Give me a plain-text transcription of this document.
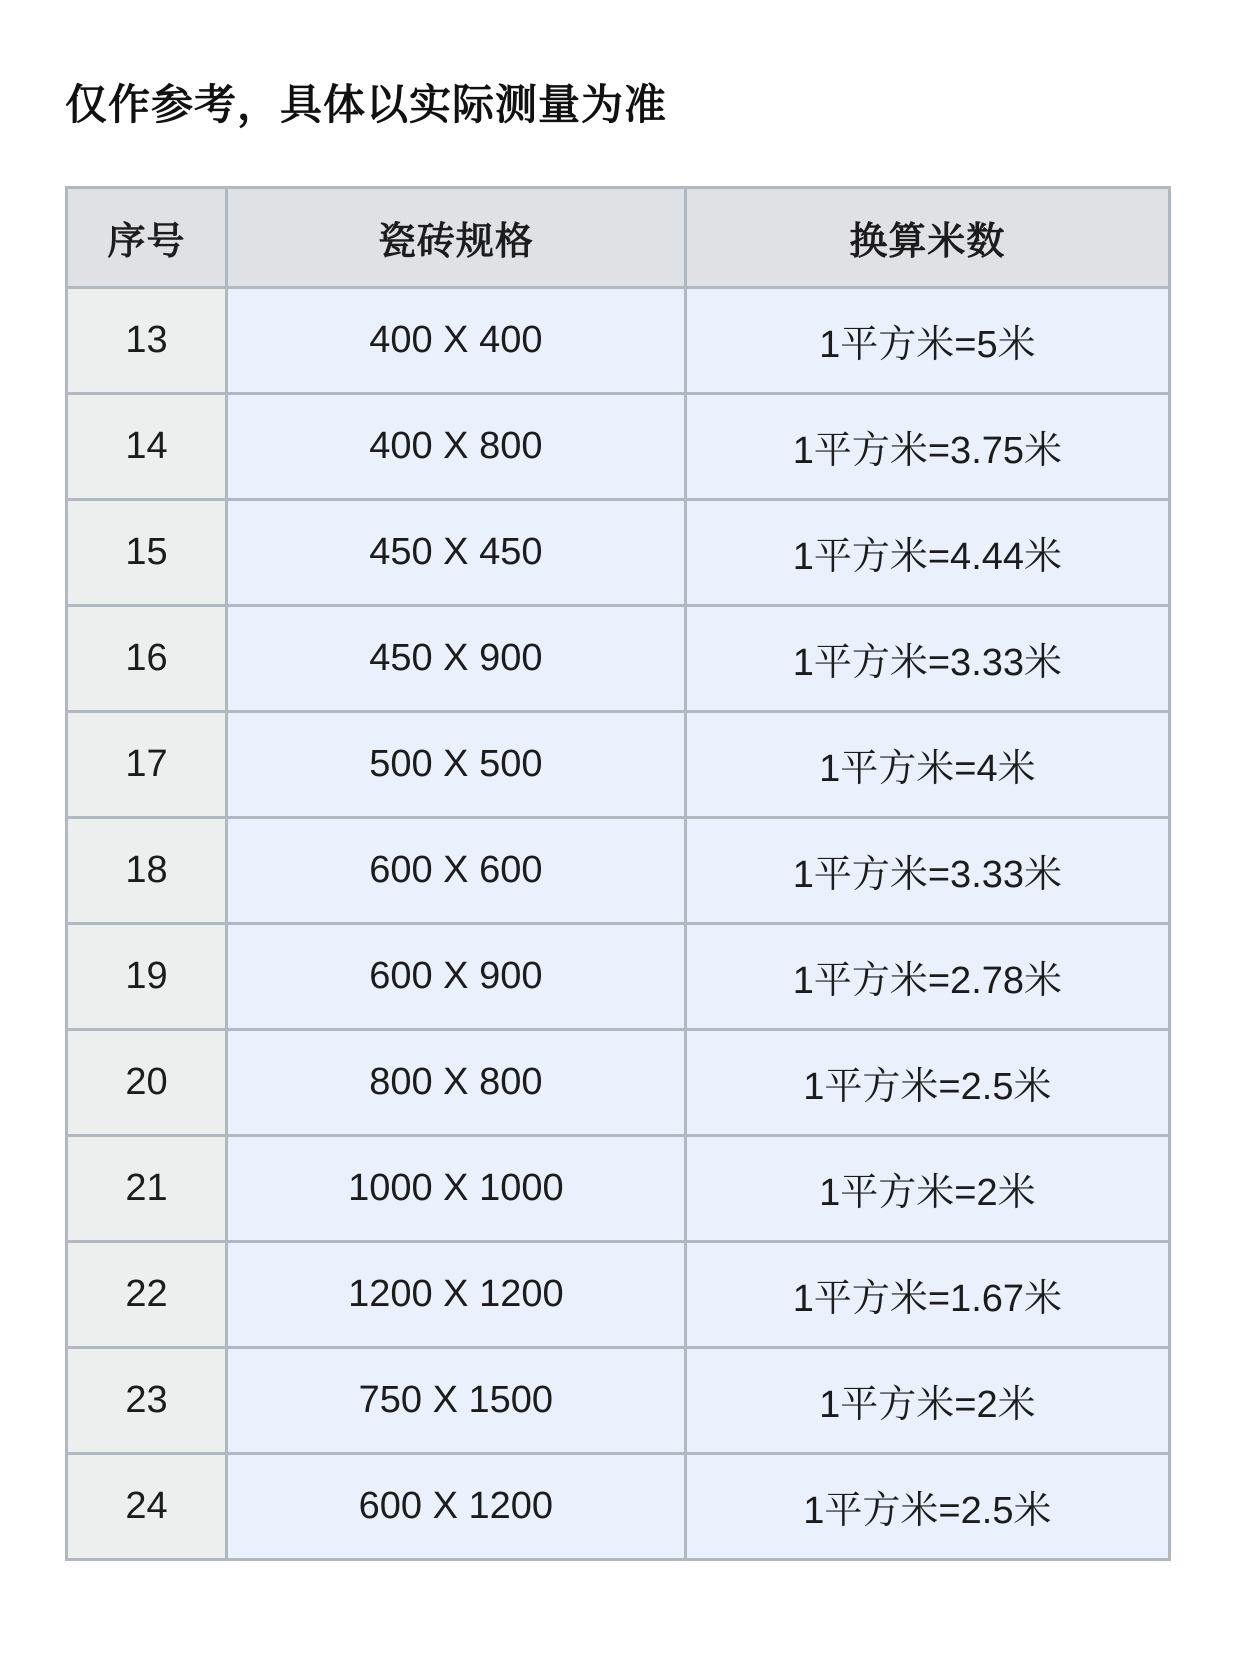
仅作参考，具体以实际测量为准
序号	瓷砖规格	换算米数
13	400 X 400	1平方米=5米
14	400 X 800	1平方米=3.75米
15	450 X 450	1平方米=4.44米
16	450 X 900	1平方米=3.33米
17	500 X 500	1平方米=4米
18	600 X 600	1平方米=3.33米
19	600 X 900	1平方米=2.78米
20	800 X 800	1平方米=2.5米
21	1000 X 1000	1平方米=2米
22	1200 X 1200	1平方米=1.67米
23	750 X 1500	1平方米=2米
24	600 X 1200	1平方米=2.5米
